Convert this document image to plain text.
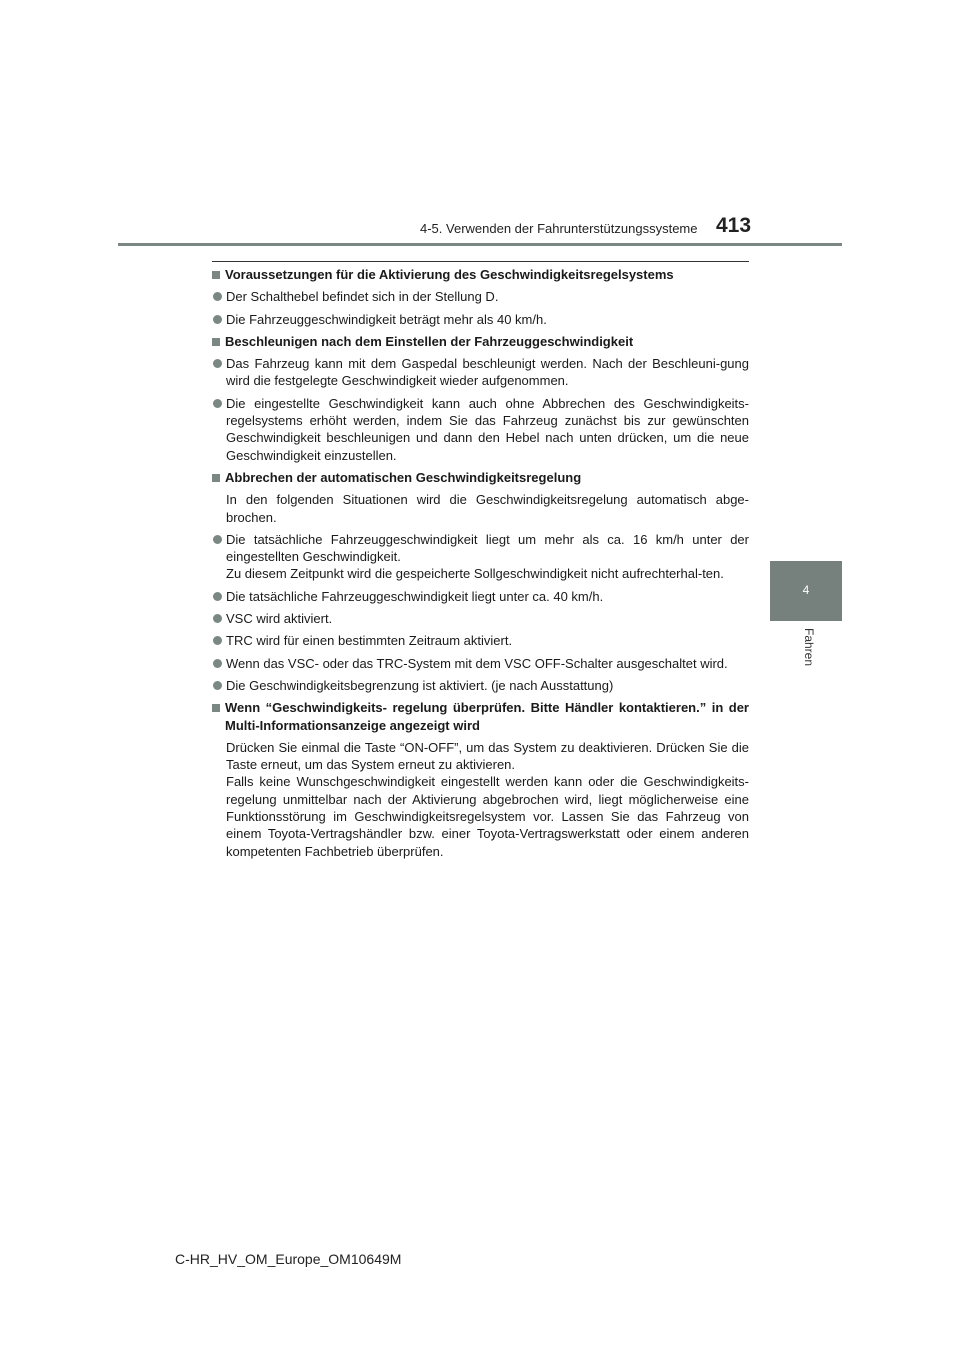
4-5. Verwenden der Fahrunterstützungssysteme 413
4
Fahren
Voraussetzungen für die Aktivierung des Geschwindigkeitsregelsystems
Der Schalthebel befindet sich in der Stellung D.
Die Fahrzeuggeschwindigkeit beträgt mehr als 40 km/h.
Beschleunigen nach dem Einstellen der Fahrzeuggeschwindigkeit
Das Fahrzeug kann mit dem Gaspedal beschleunigt werden. Nach der Beschleuni-gung wird die festgelegte Geschwindigkeit wieder aufgenommen.
Die eingestellte Geschwindigkeit kann auch ohne Abbrechen des Geschwindigkeits-regelsystems erhöht werden, indem Sie das Fahrzeug zunächst bis zur gewünschten Geschwindigkeit beschleunigen und dann den Hebel nach unten drücken, um die neue Geschwindigkeit einzustellen.
Abbrechen der automatischen Geschwindigkeitsregelung
In den folgenden Situationen wird die Geschwindigkeitsregelung automatisch abge-brochen.
Die tatsächliche Fahrzeuggeschwindigkeit liegt um mehr als ca. 16 km/h unter der eingestellten Geschwindigkeit.
Zu diesem Zeitpunkt wird die gespeicherte Sollgeschwindigkeit nicht aufrechterhal-ten.
Die tatsächliche Fahrzeuggeschwindigkeit liegt unter ca. 40 km/h.
VSC wird aktiviert.
TRC wird für einen bestimmten Zeitraum aktiviert.
Wenn das VSC- oder das TRC-System mit dem VSC OFF-Schalter ausgeschaltet wird.
Die Geschwindigkeitsbegrenzung ist aktiviert. (je nach Ausstattung)
Wenn “Geschwindigkeits- regelung überprüfen. Bitte Händler kontaktieren.” in der Multi-Informationsanzeige angezeigt wird
Drücken Sie einmal die Taste “ON-OFF”, um das System zu deaktivieren. Drücken Sie die Taste erneut, um das System erneut zu aktivieren.
Falls keine Wunschgeschwindigkeit eingestellt werden kann oder die Geschwindigkeits-regelung unmittelbar nach der Aktivierung abgebrochen wird, liegt möglicherweise eine Funktionsstörung im Geschwindigkeitsregelsystem vor. Lassen Sie das Fahrzeug von einem Toyota-Vertragshändler bzw. einer Toyota-Vertragswerkstatt oder einem anderen kompetenten Fachbetrieb überprüfen.
C-HR_HV_OM_Europe_OM10649M
